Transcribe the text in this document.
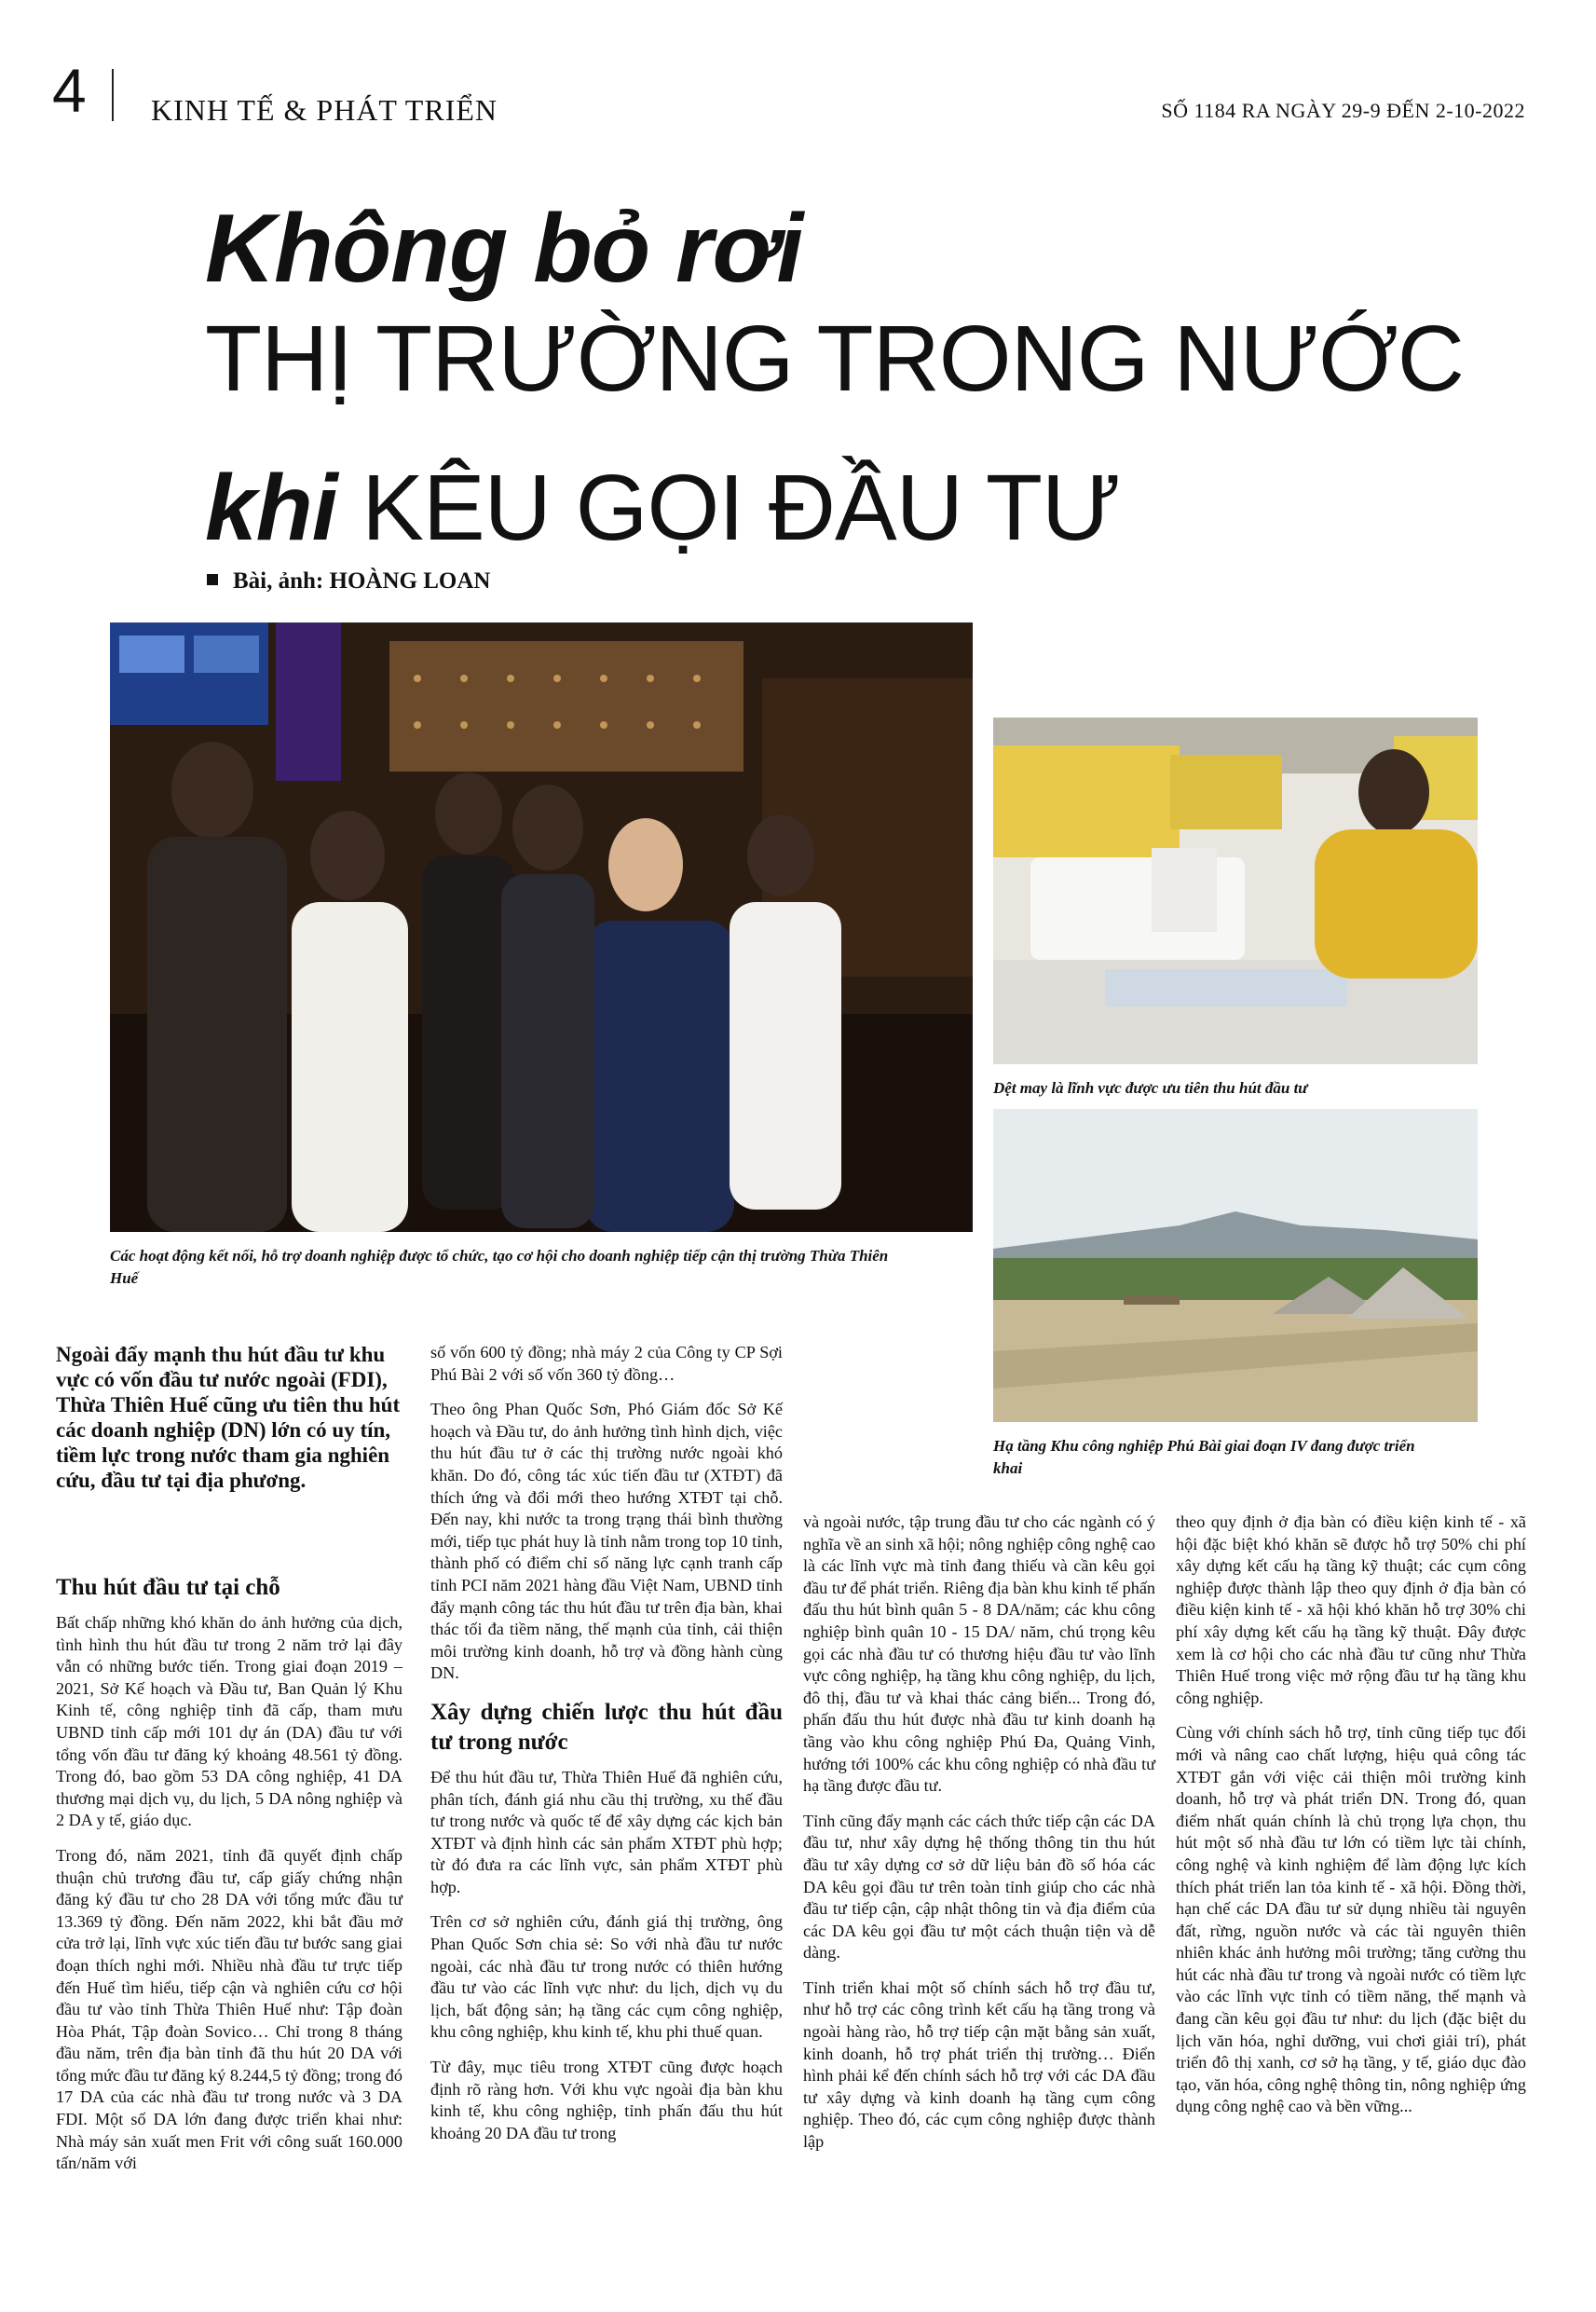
4 KINH TẾ & PHÁT TRIỂN	SỐ 1184 RA NGÀY 29-9 ĐẾN 2-10-2022
Không bỏ rơi
THỊ TRƯỜNG TRONG NƯỚC
khi KÊU GỌI ĐẦU TƯ
Bài, ảnh: HOÀNG LOAN
Các hoạt động kết nối, hỗ trợ doanh nghiệp được tổ chức, tạo cơ hội cho doanh nghiệp tiếp cận thị trường Thừa Thiên Huế
Dệt may là lĩnh vực được ưu tiên thu hút đầu tư
Hạ tầng Khu công nghiệp Phú Bài giai đoạn IV đang được triển khai
Ngoài đẩy mạnh thu hút đầu tư khu vực có vốn đầu tư nước ngoài (FDI), Thừa Thiên Huế cũng ưu tiên thu hút các doanh nghiệp (DN) lớn có uy tín, tiềm lực trong nước tham gia nghiên cứu, đầu tư tại địa phương.
Thu hút đầu tư tại chỗ

Bất chấp những khó khăn do ảnh hưởng của dịch, tình hình thu hút đầu tư trong 2 năm trở lại đây vẫn có những bước tiến. Trong giai đoạn 2019 – 2021, Sở Kế hoạch và Đầu tư, Ban Quản lý Khu Kinh tế, công nghiệp tỉnh đã cấp, tham mưu UBND tỉnh cấp mới 101 dự án (DA) đầu tư với tổng vốn đầu tư đăng ký khoảng 48.561 tỷ đồng. Trong đó, bao gồm 53 DA công nghiệp, 41 DA thương mại dịch vụ, du lịch, 5 DA nông nghiệp và 2 DA y tế, giáo dục.

Trong đó, năm 2021, tỉnh đã quyết định chấp thuận chủ trương đầu tư, cấp giấy chứng nhận đăng ký đầu tư cho 28 DA với tổng mức đầu tư 13.369 tỷ đồng. Đến năm 2022, khi bắt đầu mở cửa trở lại, lĩnh vực xúc tiến đầu tư bước sang giai đoạn thích nghi mới. Nhiều nhà đầu tư trực tiếp đến Huế tìm hiểu, tiếp cận và nghiên cứu cơ hội đầu tư vào tỉnh Thừa Thiên Huế như: Tập đoàn Hòa Phát, Tập đoàn Sovico… Chỉ trong 8 tháng đầu năm, trên địa bàn tỉnh đã thu hút 20 DA với tổng mức đầu tư đăng ký 8.244,5 tỷ đồng; trong đó 17 DA của các nhà đầu tư trong nước và 3 DA FDI. Một số DA lớn đang được triển khai như: Nhà máy sản xuất men Frit với công suất 160.000 tấn/năm với

số vốn 600 tỷ đồng; nhà máy 2 của Công ty CP Sợi Phú Bài 2 với số vốn 360 tỷ đồng…

Theo ông Phan Quốc Sơn, Phó Giám đốc Sở Kế hoạch và Đầu tư, do ảnh hưởng tình hình dịch, việc thu hút đầu tư ở các thị trường nước ngoài khó khăn. Do đó, công tác xúc tiến đầu tư (XTĐT) đã thích ứng và đổi mới theo hướng XTĐT tại chỗ. Đến nay, khi nước ta trong trạng thái bình thường mới, tiếp tục phát huy là tỉnh nằm trong top 10 tỉnh, thành phố có điểm chỉ số năng lực cạnh tranh cấp tỉnh PCI năm 2021 hàng đầu Việt Nam, UBND tỉnh đẩy mạnh công tác thu hút đầu tư trên địa bàn, khai thác tối đa tiềm năng, thế mạnh của tỉnh, cải thiện môi trường kinh doanh, hỗ trợ và đồng hành cùng DN.

Xây dựng chiến lược thu hút đầu tư trong nước

Để thu hút đầu tư, Thừa Thiên Huế đã nghiên cứu, phân tích, đánh giá nhu cầu thị trường, xu thế đầu tư trong nước và quốc tế để xây dựng các kịch bản XTĐT và định hình các sản phẩm XTĐT phù hợp; từ đó đưa ra các lĩnh vực, sản phẩm XTĐT phù hợp.

Trên cơ sở nghiên cứu, đánh giá thị trường, ông Phan Quốc Sơn chia sẻ: So với nhà đầu tư nước ngoài, các nhà đầu tư trong nước có thiên hướng đầu tư vào các lĩnh vực như: du lịch, dịch vụ du lịch, bất động sản; hạ tầng các cụm công nghiệp, khu công nghiệp, khu kinh tế, khu phi thuế quan.

Từ đây, mục tiêu trong XTĐT cũng được hoạch định rõ ràng hơn. Với khu vực ngoài địa bàn khu kinh tế, khu công nghiệp, tỉnh phấn đấu thu hút khoảng 20 DA đầu tư trong

và ngoài nước, tập trung đầu tư cho các ngành có ý nghĩa về an sinh xã hội; nông nghiệp công nghệ cao là các lĩnh vực mà tỉnh đang thiếu và cần kêu gọi đầu tư để phát triển. Riêng địa bàn khu kinh tế phấn đấu thu hút bình quân 5 - 8 DA/năm; các khu công nghiệp bình quân 10 - 15 DA/ năm, chú trọng kêu gọi các nhà đầu tư có thương hiệu đầu tư vào lĩnh vực công nghiệp, hạ tầng khu công nghiệp, du lịch, đô thị, đầu tư và khai thác cảng biển... Trong đó, phấn đấu thu hút được nhà đầu tư kinh doanh hạ tầng vào khu công nghiệp Phú Đa, Quảng Vinh, hướng tới 100% các khu công nghiệp có nhà đầu tư hạ tầng được đầu tư.

Tỉnh cũng đẩy mạnh các cách thức tiếp cận các DA đầu tư, như xây dựng hệ thống thông tin thu hút đầu tư xây dựng cơ sở dữ liệu bản đồ số hóa các DA kêu gọi đầu tư trên toàn tỉnh giúp cho các nhà đầu tư tiếp cận, cập nhật thông tin và địa điểm của các DA kêu gọi đầu tư một cách thuận tiện và dễ dàng.

Tỉnh triển khai một số chính sách hỗ trợ đầu tư, như hỗ trợ các công trình kết cấu hạ tầng trong và ngoài hàng rào, hỗ trợ tiếp cận mặt bằng sản xuất, kinh doanh, hỗ trợ phát triển thị trường… Điển hình phải kể đến chính sách hỗ trợ với các DA đầu tư xây dựng và kinh doanh hạ tầng cụm công nghiệp. Theo đó, các cụm công nghiệp được thành lập

theo quy định ở địa bàn có điều kiện kinh tế - xã hội đặc biệt khó khăn sẽ được hỗ trợ 50% chi phí xây dựng kết cấu hạ tầng kỹ thuật; các cụm công nghiệp được thành lập theo quy định ở địa bàn có điều kiện kinh tế - xã hội khó khăn hỗ trợ 30% chi phí xây dựng kết cấu hạ tầng kỹ thuật. Đây được xem là cơ hội cho các nhà đầu tư cũng như Thừa Thiên Huế trong việc mở rộng đầu tư hạ tầng khu công nghiệp.

Cùng với chính sách hỗ trợ, tỉnh cũng tiếp tục đổi mới và nâng cao chất lượng, hiệu quả công tác XTĐT gắn với việc cải thiện môi trường kinh doanh, hỗ trợ và phát triển DN. Trong đó, quan điểm nhất quán chính là chủ trọng lựa chọn, thu hút một số nhà đầu tư lớn có tiềm lực tài chính, công nghệ và kinh nghiệm để làm động lực kích thích phát triển lan tỏa kinh tế - xã hội. Đồng thời, hạn chế các DA đầu tư sử dụng nhiều tài nguyên đất, rừng, nguồn nước và các tài nguyên thiên nhiên khác ảnh hưởng môi trường; tăng cường thu hút các nhà đầu tư trong và ngoài nước có tiềm lực vào các lĩnh vực tỉnh có tiềm năng, thế mạnh và đang cần kêu gọi đầu tư như: du lịch (đặc biệt du lịch văn hóa, nghỉ dưỡng, vui chơi giải trí), phát triển đô thị xanh, cơ sở hạ tầng, y tế, giáo dục đào tạo, văn hóa, công nghệ thông tin, nông nghiệp ứng dụng công nghệ cao và bền vững...
